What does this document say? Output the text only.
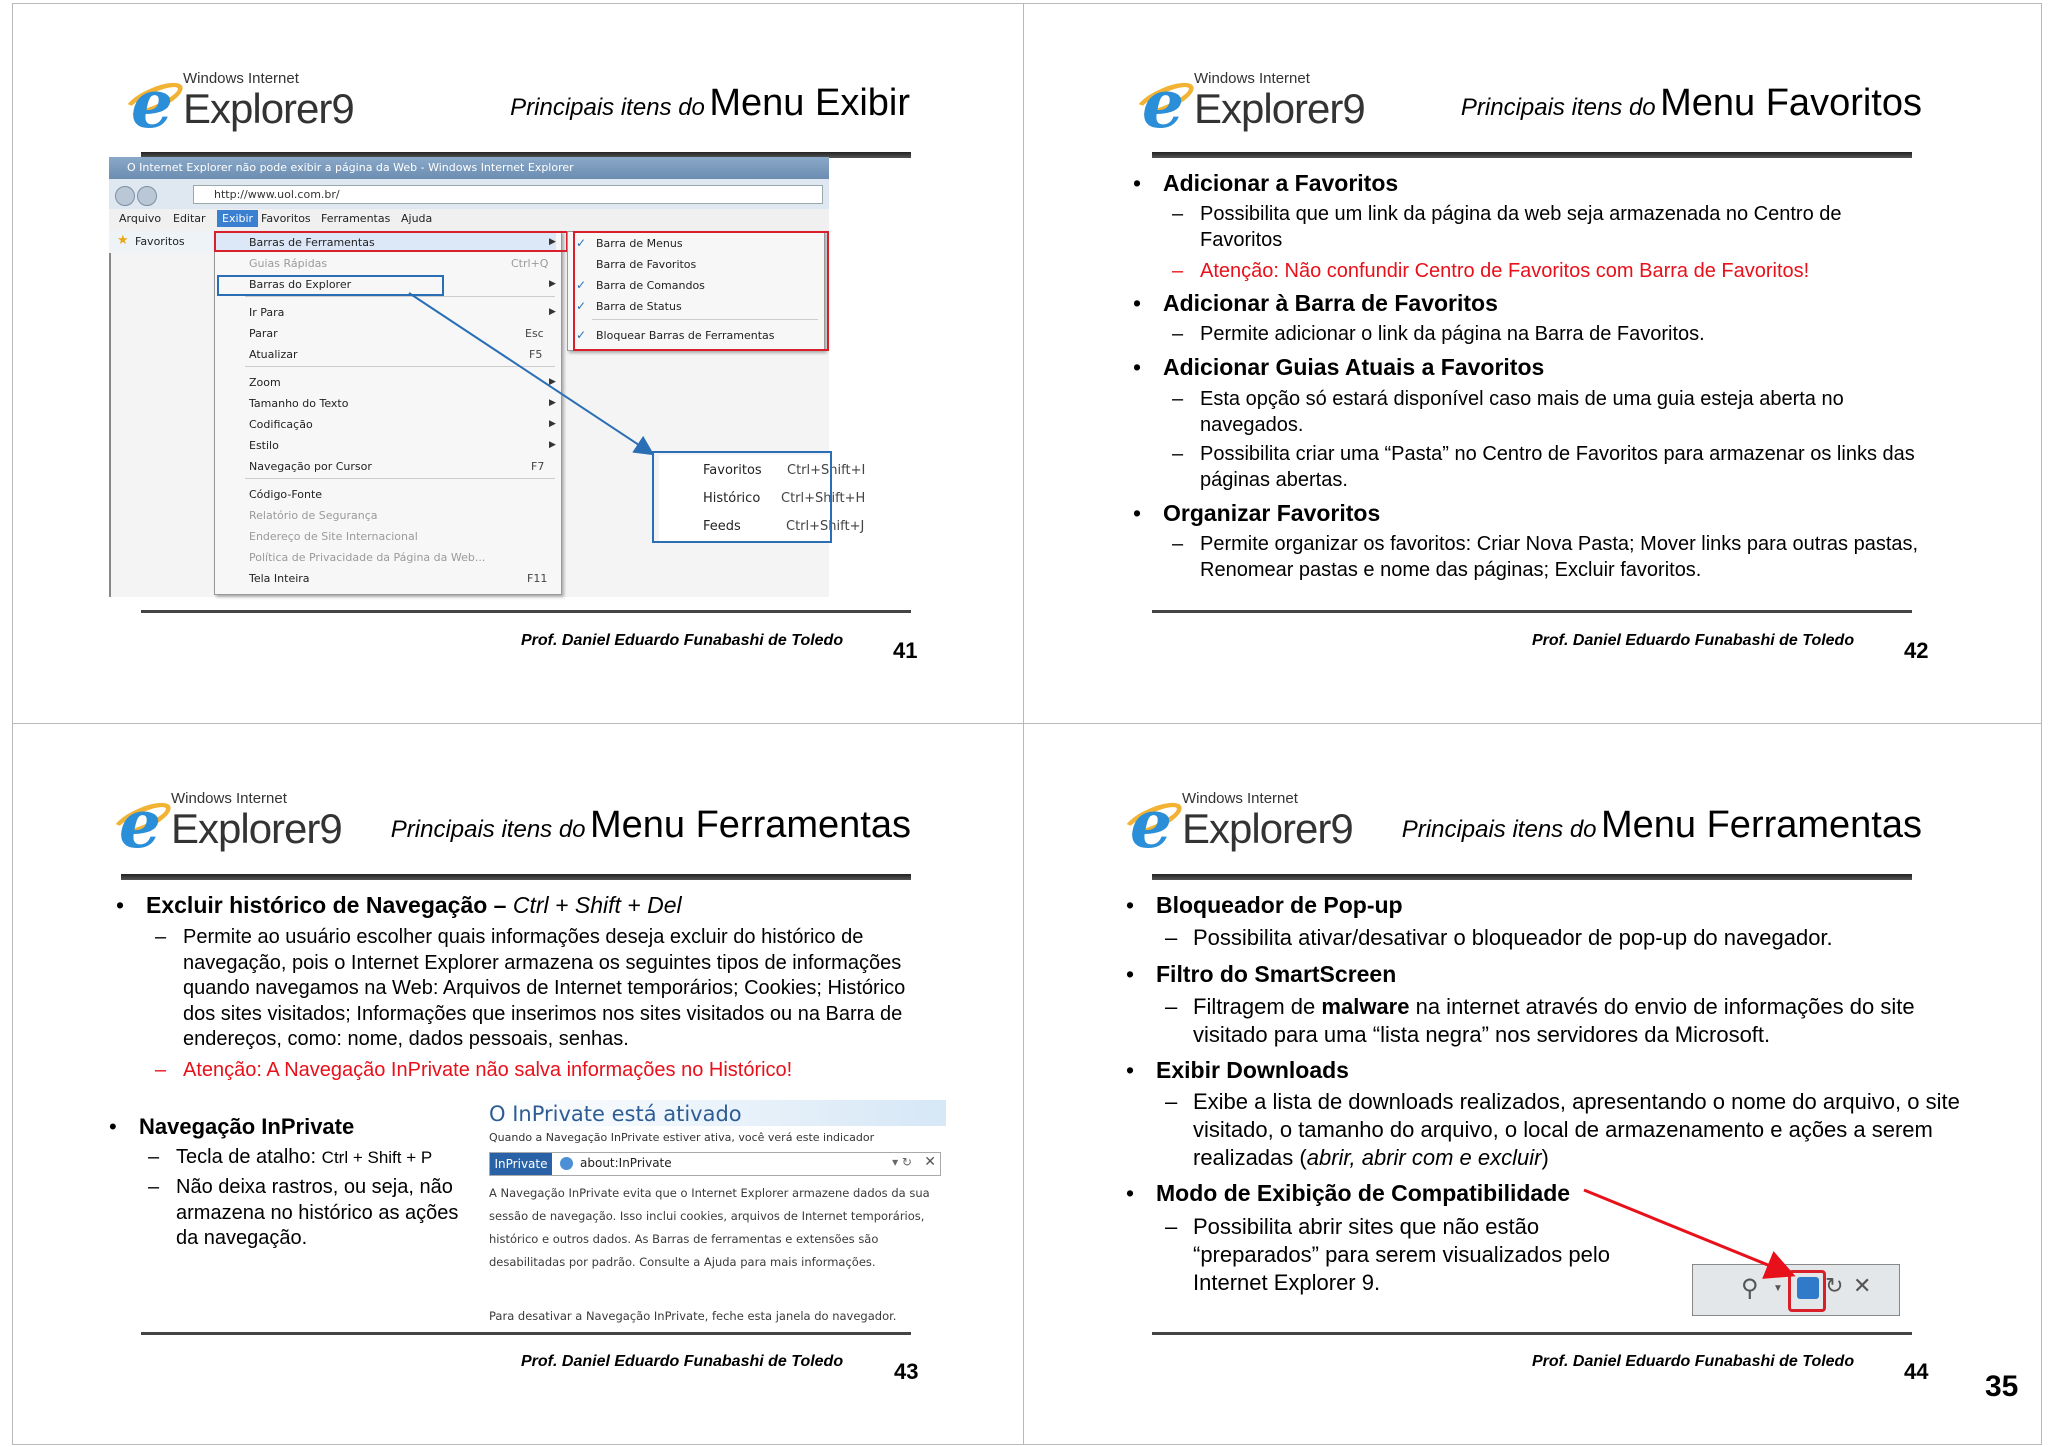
e Windows Internet
Explorer9	Principais itens do Menu Exibir
O Internet Explorer não pode exibir a página da Web - Windows Internet Explorer
http://www.uol.com.br/
Arquivo Editar	Exibir Favoritos Ferramentas Ajuda
★ Favoritos	Barras de Ferramentas	▶
Guias Rápidas	Ctrl+Q
Barras do Explorer	▶
Ir Para	▶
Parar	Esc
Atualizar	F5
Zoom	▶
Tamanho do Texto	▶
Codificação	▶
Estilo	▶
Navegação por Cursor	F7
Código-Fonte
Relatório de Segurança
Endereço de Site Internacional
Política de Privacidade da Página da Web...
Tela Inteira	F11
✓ Barra de Menus
Barra de Favoritos
✓ Barra de Comandos
✓ Barra de Status
✓ Bloquear Barras de Ferramentas
Favoritos Ctrl+Shift+I
Histórico Ctrl+Shift+H
Feeds	Ctrl+Shift+J
Prof. Daniel Eduardo Funabashi de Toledo 41
e Windows Internet
Explorer9	Principais itens do Menu Favoritos
• Adicionar a Favoritos
– Possibilita que um link da página da web seja armazenada no Centro de Favoritos
– Atenção: Não confundir Centro de Favoritos com Barra de Favoritos!
• Adicionar à Barra de Favoritos
– Permite adicionar o link da página na Barra de Favoritos.
• Adicionar Guias Atuais a Favoritos
– Esta opção só estará disponível caso mais de uma guia esteja aberta no navegados.
– Possibilita criar uma “Pasta” no Centro de Favoritos para armazenar os links das páginas abertas.
• Organizar Favoritos
– Permite organizar os favoritos: Criar Nova Pasta; Mover links para outras pastas, Renomear pastas e nome das páginas; Excluir favoritos.
Prof. Daniel Eduardo Funabashi de Toledo 42
e Windows Internet
Explorer9 Principais itens do Menu Ferramentas
• Excluir histórico de Navegação – Ctrl + Shift + Del
– Permite ao usuário escolher quais informações deseja excluir do histórico de navegação, pois o Internet Explorer armazena os seguintes tipos de informações quando navegamos na Web: Arquivos de Internet temporários; Cookies; Histórico dos sites visitados; Informações que inserimos nos sites visitados ou na Barra de endereços, como: nome, dados pessoais, senhas.
– Atenção: A Navegação InPrivate não salva informações no Histórico!
• Navegação InPrivate
– Tecla de atalho: Ctrl + Shift + P
– Não deixa rastros, ou seja, não armazena no histórico as ações da navegação.
O InPrivate está ativado
Quando a Navegação InPrivate estiver ativa, você verá este indicador
InPrivate	about:InPrivate	▾ ↻ ✕
A Navegação InPrivate evita que o Internet Explorer armazene dados da sua sessão de navegação. Isso inclui cookies, arquivos de Internet temporários, histórico e outros dados. As Barras de ferramentas e extensões são desabilitadas por padrão. Consulte a Ajuda para mais informações.
Para desativar a Navegação InPrivate, feche esta janela do navegador.
Prof. Daniel Eduardo Funabashi de Toledo 43
e Windows Internet
Explorer9 Principais itens do Menu Ferramentas
• Bloqueador de Pop-up
– Possibilita ativar/desativar o bloqueador de pop-up do navegador.
• Filtro do SmartScreen
– Filtragem de malware na internet através do envio de informações do site visitado para uma “lista negra” nos servidores da Microsoft.
• Exibir Downloads
– Exibe a lista de downloads realizados, apresentando o nome do arquivo, o site visitado, o tamanho do arquivo, o local de armazenamento e ações a serem realizadas (abrir, abrir com e excluir)
• Modo de Exibição de Compatibilidade
– Possibilita abrir sites que não estão “preparados” para serem visualizados pelo Internet Explorer 9.	⚲ ▼ ↻ ✕
Prof. Daniel Eduardo Funabashi de Toledo 44 35
